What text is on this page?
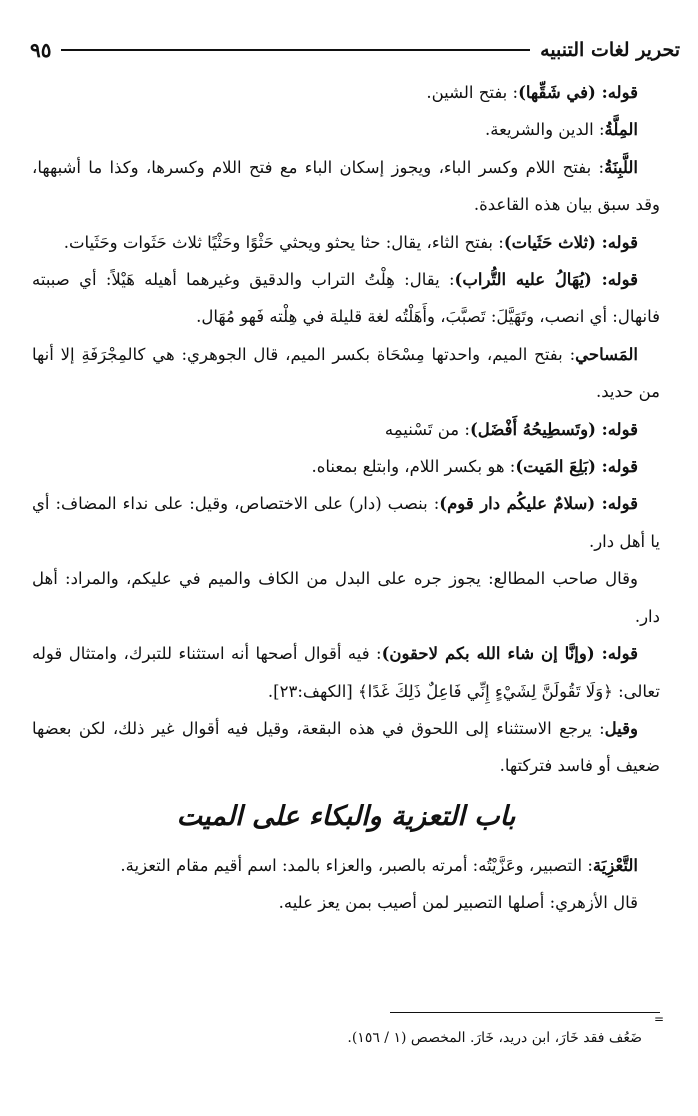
تحرير لغات التنبيه
٩٥

قوله: (في شَقِّها): بفتح الشين.

المِلَّةُ: الدين والشريعة.

اللَّبِنَةُ: بفتح اللام وكسر الباء، ويجوز إسكان الباء مع فتح اللام وكسرها، وكذا ما أشبهها، وقد سبق بيان هذه القاعدة.

قوله: (ثلاث حَثَيات): بفتح الثاء، يقال: حثا يحثو ويحثي حَثْوًا وحَثْيًا ثلاث حَثَوات وحَثَيات.

قوله: (يُهَالُ عليه التُّراب): يقال: هِلْتُ التراب والدقيق وغيرهما أهيله هَيْلاً: أي صببته فانهال: أي انصب، وتَهَيَّلَ: تَصبَّبَ، وأَهَلْتُه لغة قليلة في هِلْته فَهو مُهَال.

المَساحي: بفتح الميم، واحدتها مِسْحَاة بكسر الميم، قال الجوهري: هي كالمِجْرَفَةِ إلا أنها من حديد.

قوله: (وتَسطِيحُهُ أَفْضَل): من تَسْنيمِه

قوله: (بَلِعَ المَيت): هو بكسر اللام، وابتلع بمعناه.

قوله: (سلامٌ عليكُم دار قوم): بنصب (دار) على الاختصاص، وقيل: على نداء المضاف: أي يا أهل دار.

وقال صاحب المطالع: يجوز جره على البدل من الكاف والميم في عليكم، والمراد: أهل دار.

قوله: (وإنَّا إن شاء الله بكم لاحقون): فيه أقوال أصحها أنه استثناء للتبرك، وامتثال قوله تعالى: ﴿وَلَا تَقُولَنَّ لِشَيْءٍ إِنِّي فَاعِلٌ ذَلِكَ غَدًا﴾ [الكهف:٢٣].

وقيل: يرجع الاستثناء إلى اللحوق في هذه البقعة، وقيل فيه أقوال غير ذلك، لكن بعضها ضعيف أو فاسد فتركتها.

باب التعزية والبكاء على الميت

التَّعْزِيَة: التصبير، وعَزَّيْتُه: أمرته بالصبر، والعزاء بالمد: اسم أقيم مقام التعزية.

قال الأزهري: أصلها التصبير لمن أصيب بمن يعز عليه.

=
ضَعُف فقد خَارَ، ابن دريد، خَارَ. المخصص (١ / ١٥٦).
